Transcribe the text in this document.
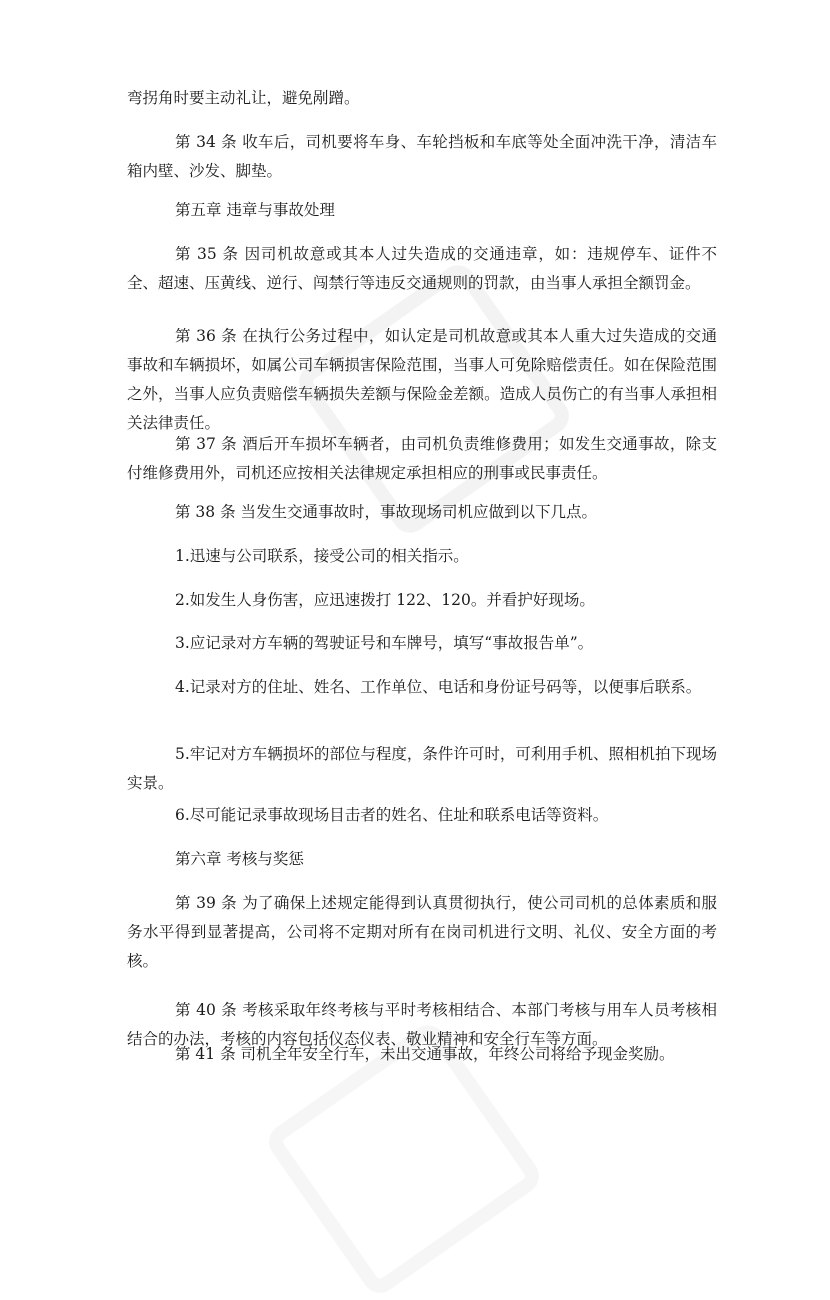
弯拐角时要主动礼让，避免剐蹭。

第 34 条 收车后，司机要将车身、车轮挡板和车底等处全面冲洗干净，清洁车箱内壁、沙发、脚垫。

第五章 违章与事故处理

第 35 条 因司机故意或其本人过失造成的交通违章，如：违规停车、证件不全、超速、压黄线、逆行、闯禁行等违反交通规则的罚款，由当事人承担全额罚金。

第 36 条 在执行公务过程中，如认定是司机故意或其本人重大过失造成的交通事故和车辆损坏，如属公司车辆损害保险范围，当事人可免除赔偿责任。如在保险范围之外，当事人应负责赔偿车辆损失差额与保险金差额。造成人员伤亡的有当事人承担相关法律责任。

第 37 条 酒后开车损坏车辆者，由司机负责维修费用；如发生交通事故，除支付维修费用外，司机还应按相关法律规定承担相应的刑事或民事责任。

第 38 条 当发生交通事故时，事故现场司机应做到以下几点。

1.迅速与公司联系，接受公司的相关指示。

2.如发生人身伤害，应迅速拨打 122、120。并看护好现场。

3.应记录对方车辆的驾驶证号和车牌号，填写“事故报告单”。

4.记录对方的住址、姓名、工作单位、电话和身份证号码等，以便事后联系。

5.牢记对方车辆损坏的部位与程度，条件许可时，可利用手机、照相机拍下现场实景。

6.尽可能记录事故现场目击者的姓名、住址和联系电话等资料。

第六章 考核与奖惩

第 39 条 为了确保上述规定能得到认真贯彻执行，使公司司机的总体素质和服务水平得到显著提高，公司将不定期对所有在岗司机进行文明、礼仪、安全方面的考核。

第 40 条 考核采取年终考核与平时考核相结合、本部门考核与用车人员考核相结合的办法，考核的内容包括仪态仪表、敬业精神和安全行车等方面。

第 41 条 司机全年安全行车，未出交通事故，年终公司将给予现金奖励。
